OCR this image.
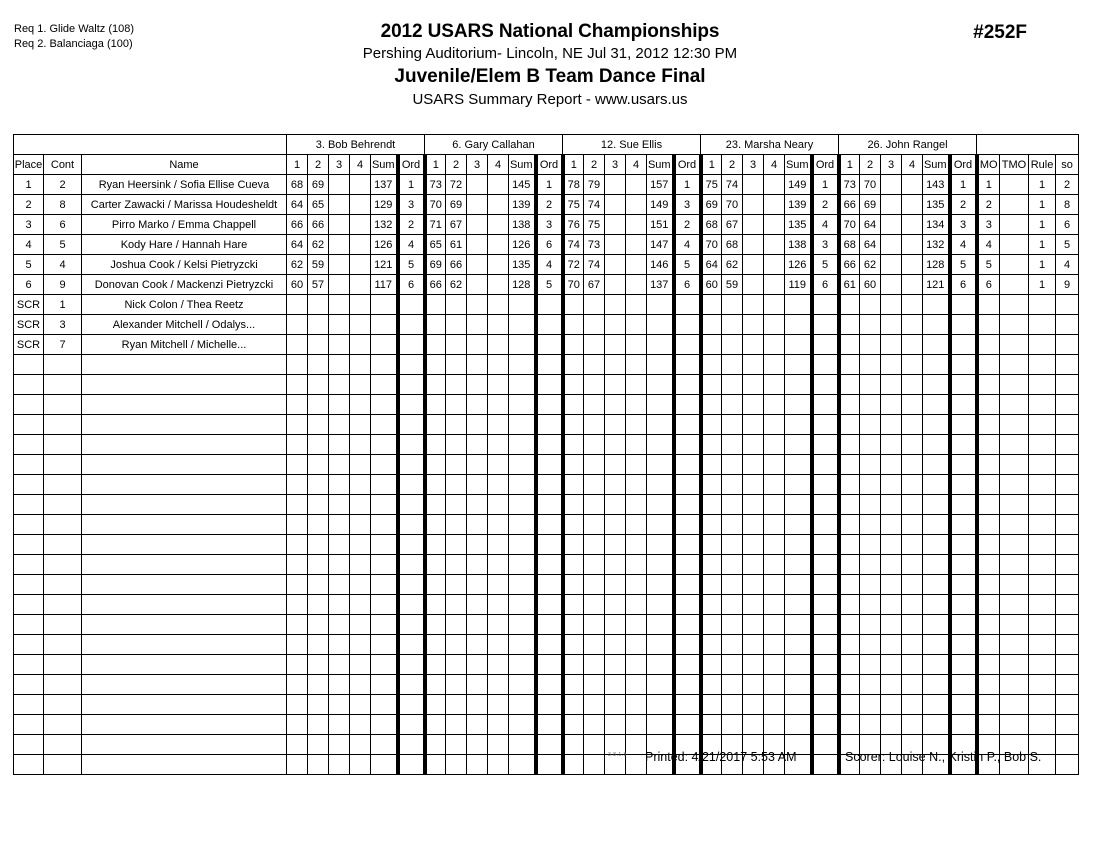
Req 1. Glide Waltz (108)
Req 2. Balanciaga (100)
2012 USARS National Championships
Pershing Auditorium- Lincoln, NE Jul 31, 2012 12:30 PM
Juvenile/Elem B Team Dance Final
USARS Summary Report - www.usars.us
#252F
			3. Bob Behrendt						6. Gary Callahan						12. Sue Ellis						23. Marsha Neary						26. John Rangel									
Place	Cont	Name	1	2	3	4	Sum	Ord	1	2	3	4	Sum	Ord	1	2	3	4	Sum	Ord	1	2	3	4	Sum	Ord	1	2	3	4	Sum	Ord	MO	TMO	Rule	so
1	2	Ryan Heersink / Sofia Ellise Cueva	68	69			137	1	73	72			145	1	78	79			157	1	75	74			149	1	73	70			143	1	1		1	2
2	8	Carter Zawacki / Marissa Houdesheldt	64	65			129	3	70	69			139	2	75	74			149	3	69	70			139	2	66	69			135	2	2		1	8
3	6	Pirro Marko / Emma Chappell	66	66			132	2	71	67			138	3	76	75			151	2	68	67			135	4	70	64			134	3	3		1	6
4	5	Kody Hare / Hannah Hare	64	62			126	4	65	61			126	6	74	73			147	4	70	68			138	3	68	64			132	4	4		1	5
5	4	Joshua Cook / Kelsi Pietryzcki	62	59			121	5	69	66			135	4	72	74			146	5	64	62			126	5	66	62			128	5	5		1	4
6	9	Donovan Cook / Mackenzi Pietryzcki	60	57			117	6	66	62			128	5	70	67			137	6	60	59			119	6	61	60			121	6	6		1	9
SCR	1	Nick Colon / Thea Reetz																																		
SCR	3	Alexander Mitchell / Odalys...																																		
SCR	7	Ryan Mitchell / Michelle...																																		

3.8.1.8 Printed: 4/21/2017 5:53 AM	Scorer: Louise N., Kristin P., Bob S.
